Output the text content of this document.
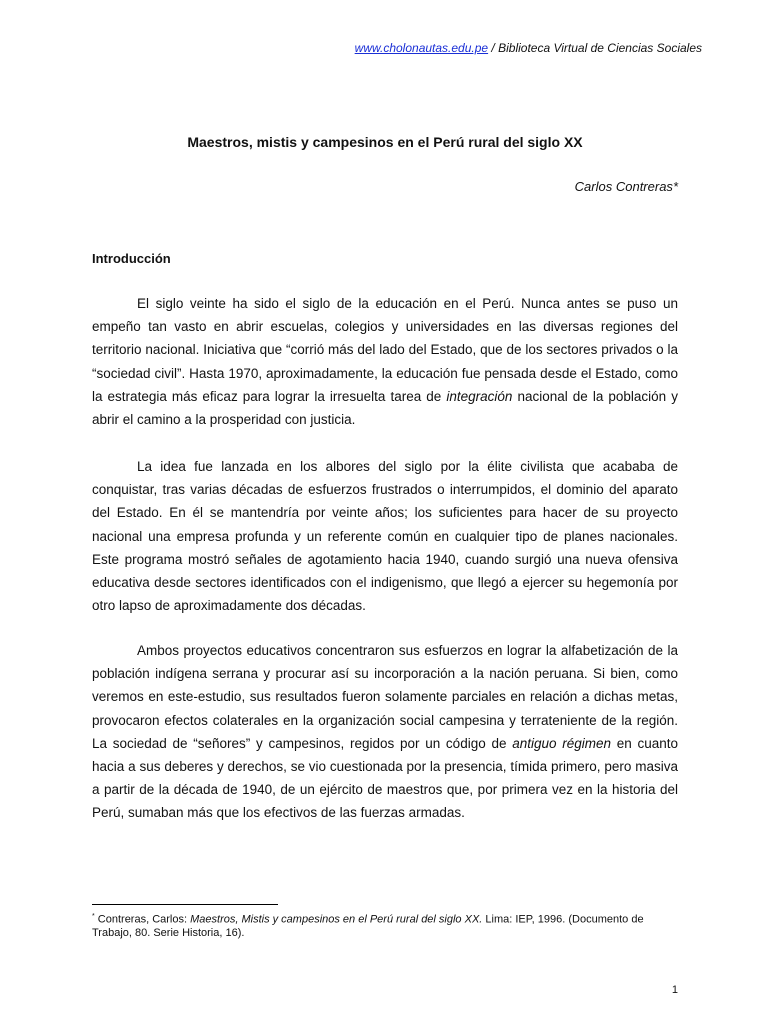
www.cholonautas.edu.pe / Biblioteca Virtual de Ciencias Sociales
Maestros, mistis y campesinos en el Perú rural del siglo XX
Carlos Contreras*
Introducción

El siglo veinte ha sido el siglo de la educación en el Perú. Nunca antes se puso un empeño tan vasto en abrir escuelas, colegios y universidades en las diversas regiones del territorio nacional. Iniciativa que “corrió más del lado del Estado, que de los sectores privados o la “sociedad civil”. Hasta 1970, aproximadamente, la educación fue pensada desde el Estado, como la estrategia más eficaz para lograr la irresuelta tarea de integración nacional de la población y abrir el camino a la prosperidad con justicia.

La idea fue lanzada en los albores del siglo por la élite civilista que acababa de conquistar, tras varias décadas de esfuerzos frustrados o interrumpidos, el dominio del aparato del Estado. En él se mantendría por veinte años; los suficientes para hacer de su proyecto nacional una empresa profunda y un referente común en cualquier tipo de planes nacionales. Este programa mostró señales de agotamiento hacia 1940, cuando surgió una nueva ofensiva educativa desde sectores identificados con el indigenismo, que llegó a ejercer su hegemonía por otro lapso de aproximadamente dos décadas.

Ambos proyectos educativos concentraron sus esfuerzos en lograr la alfabetización de la población indígena serrana y procurar así su incorporación a la nación peruana. Si bien, como veremos en este-estudio, sus resultados fueron solamente parciales en relación a dichas metas, provocaron efectos colaterales en la organización social campesina y terrateniente de la región. La sociedad de “señores” y campesinos, regidos por un código de antiguo régimen en cuanto hacia a sus deberes y derechos, se vio cuestionada por la presencia, tímida primero, pero masiva a partir de la década de 1940, de un ejército de maestros que, por primera vez en la historia del Perú, sumaban más que los efectivos de las fuerzas armadas.

* Contreras, Carlos: Maestros, Mistis y campesinos en el Perú rural del siglo XX. Lima: IEP, 1996. (Documento de Trabajo, 80. Serie Historia, 16).

1
